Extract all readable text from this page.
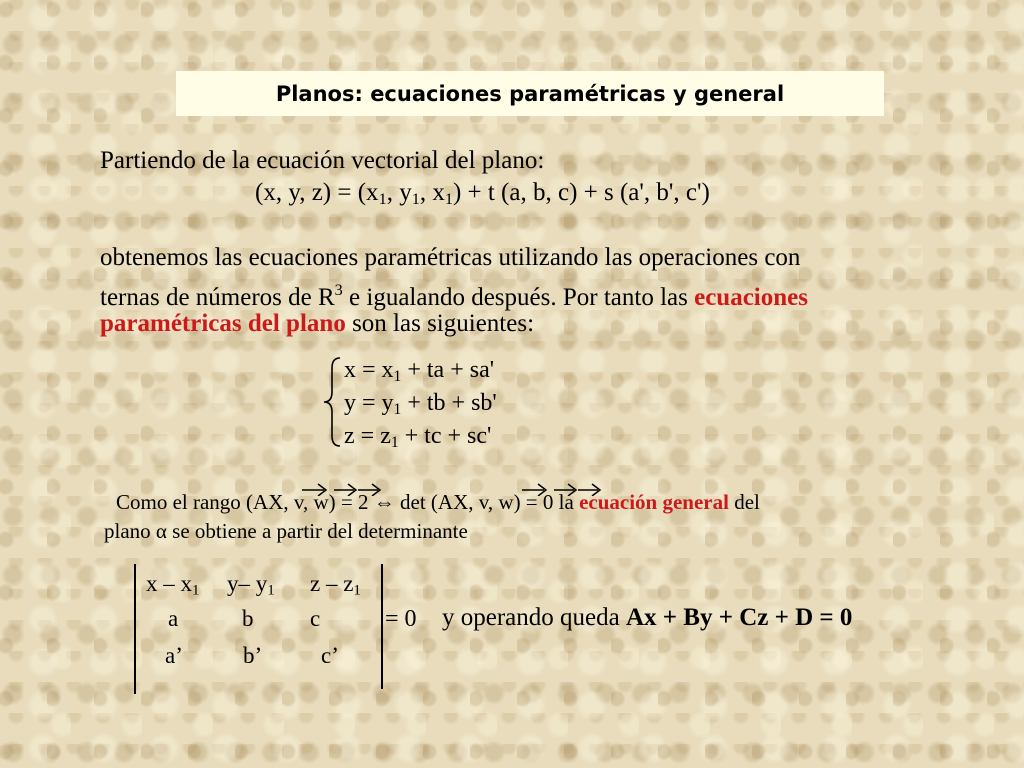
Planos: ecuaciones paramétricas y general
Partiendo de la ecuación vectorial del plano:
(x, y, $z) = (x_1$, $y_1$, $x_1) + t$ (a, b, c) + s (a', b', c')
obtenemos las ecuaciones paramétricas utilizando las operaciones con
ternas de números de $R^3$ e igualando después. Por tanto las ecuaciones
paramétricas del plano son las siguientes:
$x = x_1$ + ta + sa'
$y = y_1$ + tb + sb'
$z = z_1$ + tc + sc'
Como el rango (AX, v, w) = 2 ⇔ det (AX, v, w) = 0 la ecuación general del
plano α se obtiene a partir del determinante
x – $x_1$ y– $y_1$ z – $z_1$
a	b c
a’	b’	c’
= 0 y operando queda Ax + By + Cz + D = 0
